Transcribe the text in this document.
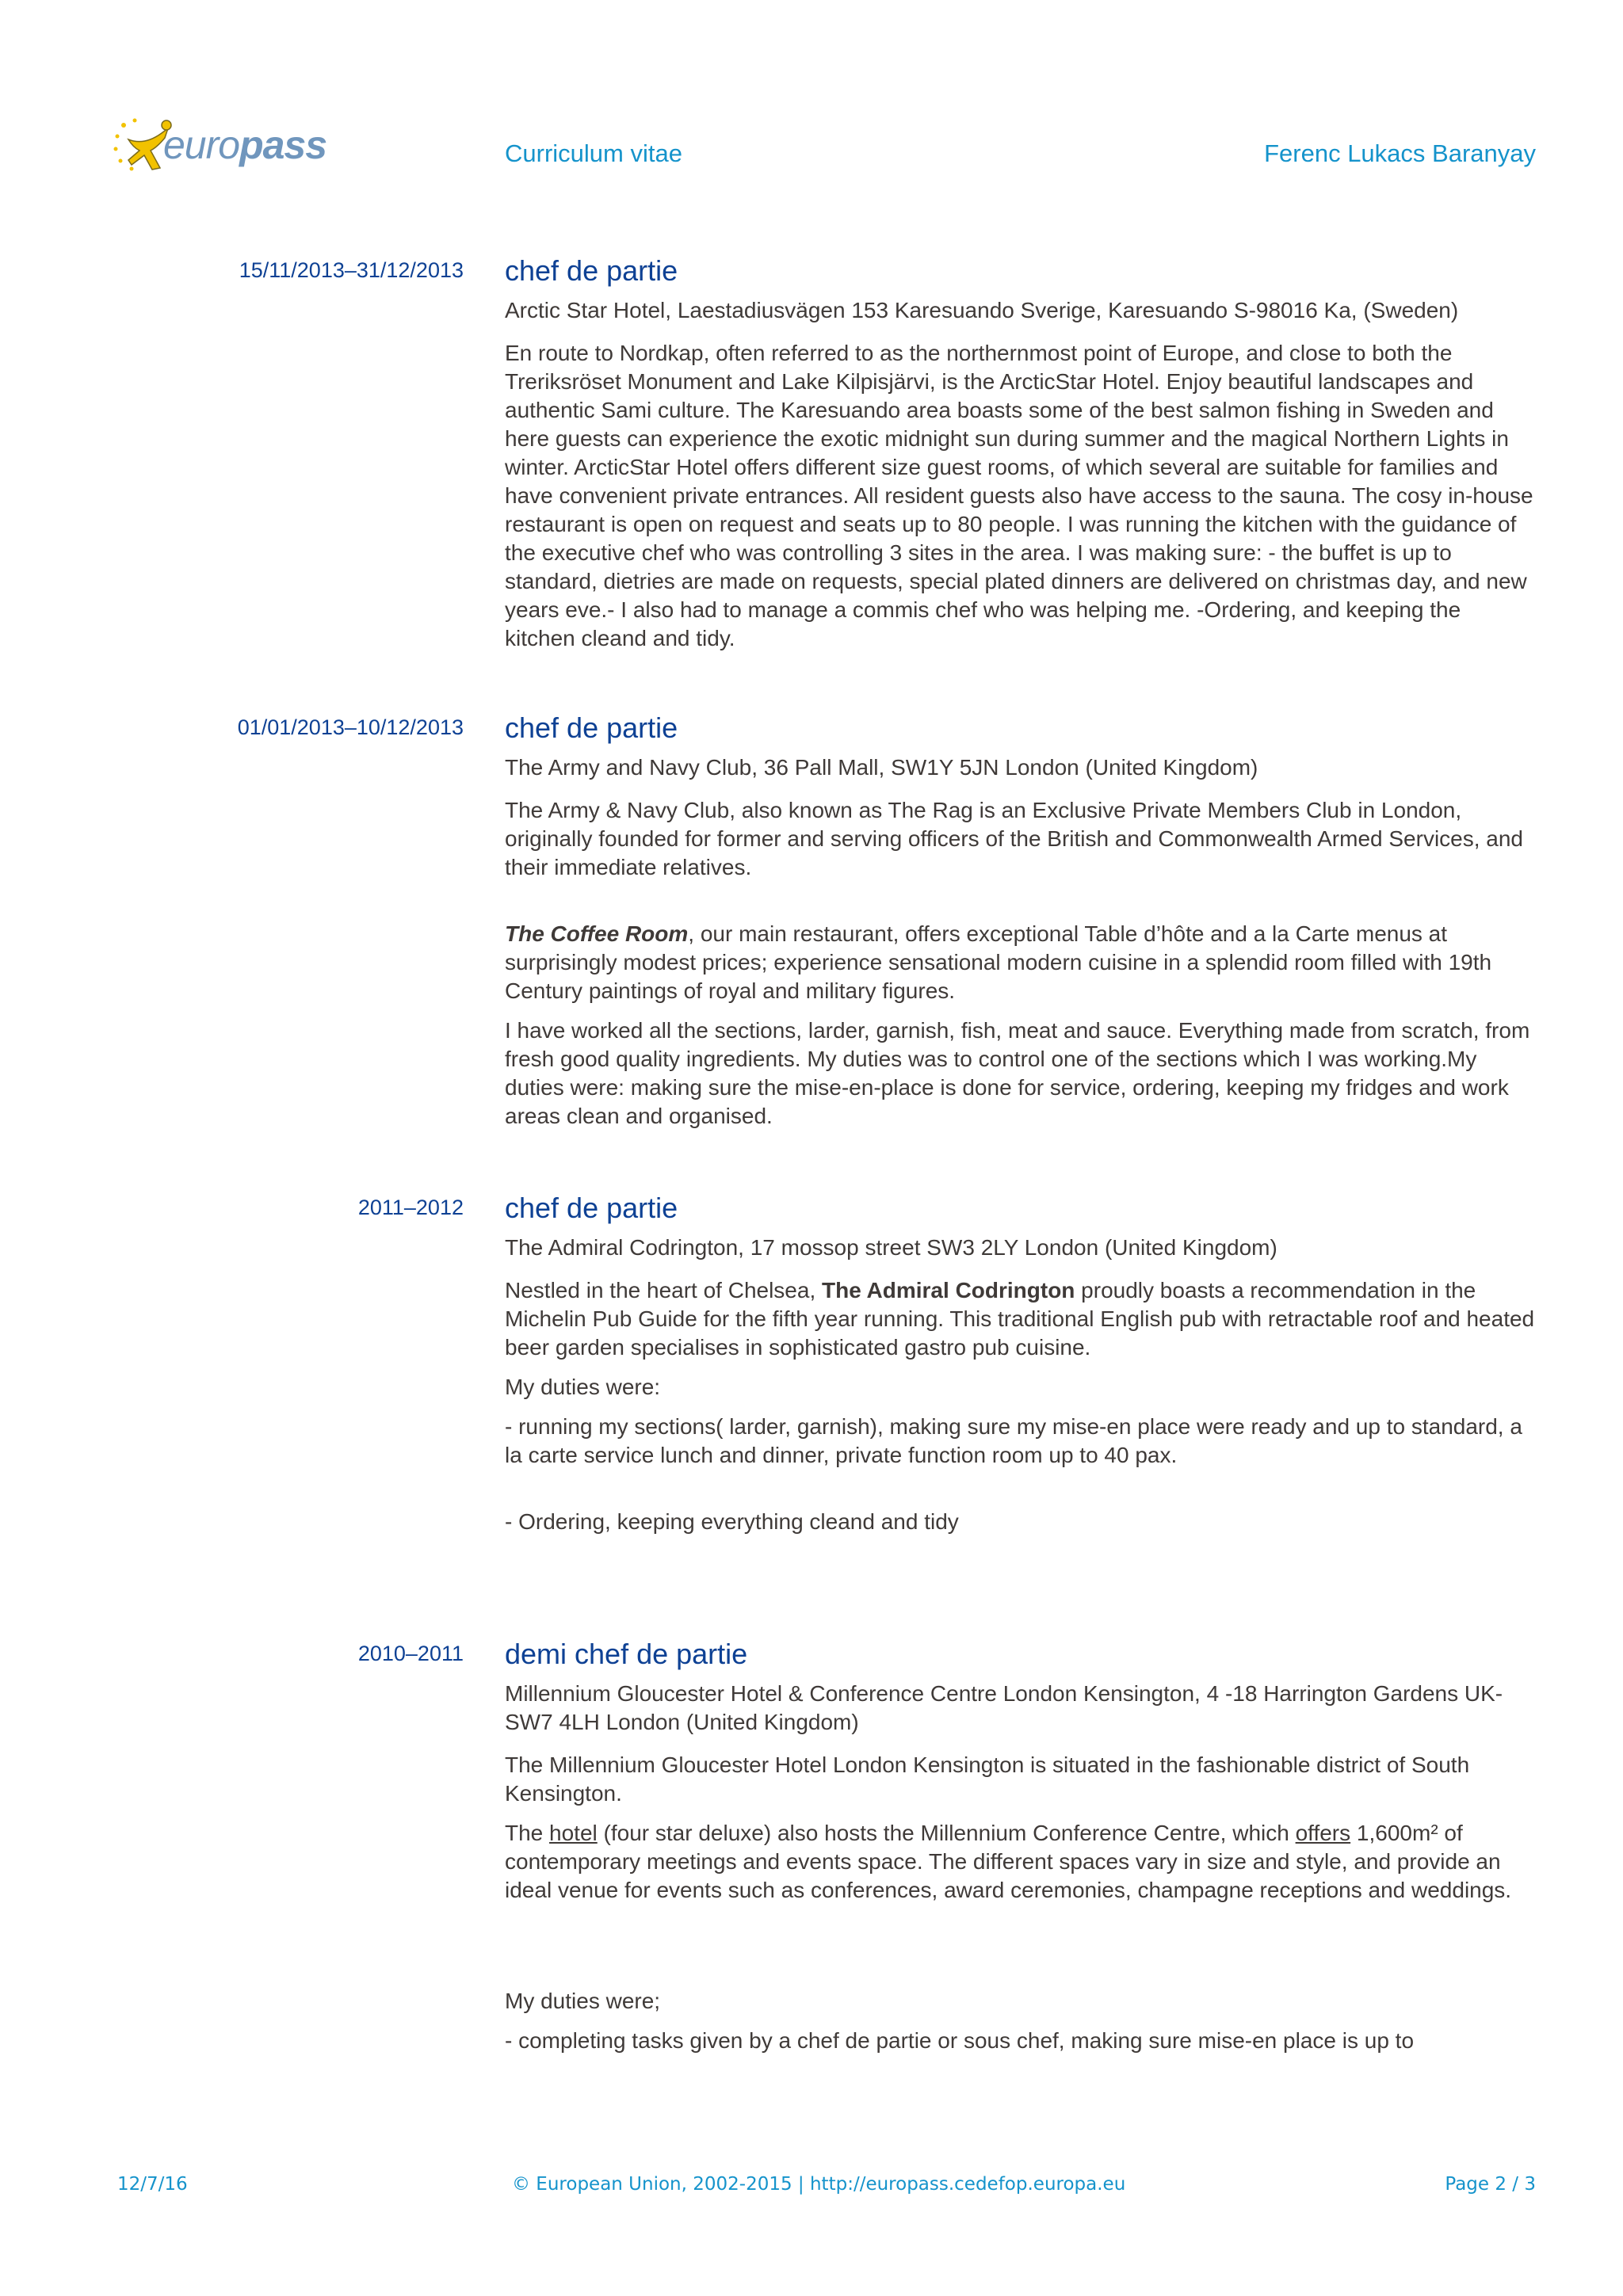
europass	Curriculum vitae	Ferenc Lukacs Baranyay
15/11/2013–31/12/2013 chef de partie
Arctic Star Hotel, Laestadiusvägen 153 Karesuando Sverige, Karesuando S-98016 Ka, (Sweden)
En route to Nordkap, often referred to as the northernmost point of Europe, and close to both the Treriksröset Monument and Lake Kilpisjärvi, is the ArcticStar Hotel. Enjoy beautiful landscapes and authentic Sami culture. The Karesuando area boasts some of the best salmon fishing in Sweden and here guests can experience the exotic midnight sun during summer and the magical Northern Lights in winter. ArcticStar Hotel offers different size guest rooms, of which several are suitable for families and have convenient private entrances. All resident guests also have access to the sauna. The cosy in-house restaurant is open on request and seats up to 80 people. I was running the kitchen with the guidance of the executive chef who was controlling 3 sites in the area. I was making sure: - the buffet is up to standard, dietries are made on requests, special plated dinners are delivered on christmas day, and new years eve.- I also had to manage a commis chef who was helping me. -Ordering, and keeping the kitchen cleand and tidy.
01/01/2013–10/12/2013 chef de partie
The Army and Navy Club, 36 Pall Mall, SW1Y 5JN London (United Kingdom)
The Army & Navy Club, also known as The Rag is an Exclusive Private Members Club in London, originally founded for former and serving officers of the British and Commonwealth Armed Services, and their immediate relatives.
The Coffee Room, our main restaurant, offers exceptional Table d’hôte and a la Carte menus at surprisingly modest prices; experience sensational modern cuisine in a splendid room filled with 19th Century paintings of royal and military figures.
I have worked all the sections, larder, garnish, fish, meat and sauce. Everything made from scratch, from fresh good quality ingredients. My duties was to control one of the sections which I was working.My duties were: making sure the mise-en-place is done for service, ordering, keeping my fridges and work areas clean and organised.
2011–2012 chef de partie
The Admiral Codrington, 17 mossop street SW3 2LY London (United Kingdom)
Nestled in the heart of Chelsea, The Admiral Codrington proudly boasts a recommendation in the Michelin Pub Guide for the fifth year running. This traditional English pub with retractable roof and heated beer garden specialises in sophisticated gastro pub cuisine.
My duties were:
- running my sections( larder, garnish), making sure my mise-en place were ready and up to standard, a la carte service lunch and dinner, private function room up to 40 pax.
- Ordering, keeping everything cleand and tidy
2010–2011 demi chef de partie
Millennium Gloucester Hotel & Conference Centre London Kensington, 4 -18 Harrington Gardens UK-SW7 4LH London (United Kingdom)
The Millennium Gloucester Hotel London Kensington is situated in the fashionable district of South Kensington.
The hotel (four star deluxe) also hosts the Millennium Conference Centre, which offers 1,600m² of contemporary meetings and events space. The different spaces vary in size and style, and provide an ideal venue for events such as conferences, award ceremonies, champagne receptions and weddings.
My duties were;
- completing tasks given by a chef de partie or sous chef, making sure mise-en place is up to
12/7/16	© European Union, 2002-2015 | http://europass.cedefop.europa.eu	Page 2 / 3
